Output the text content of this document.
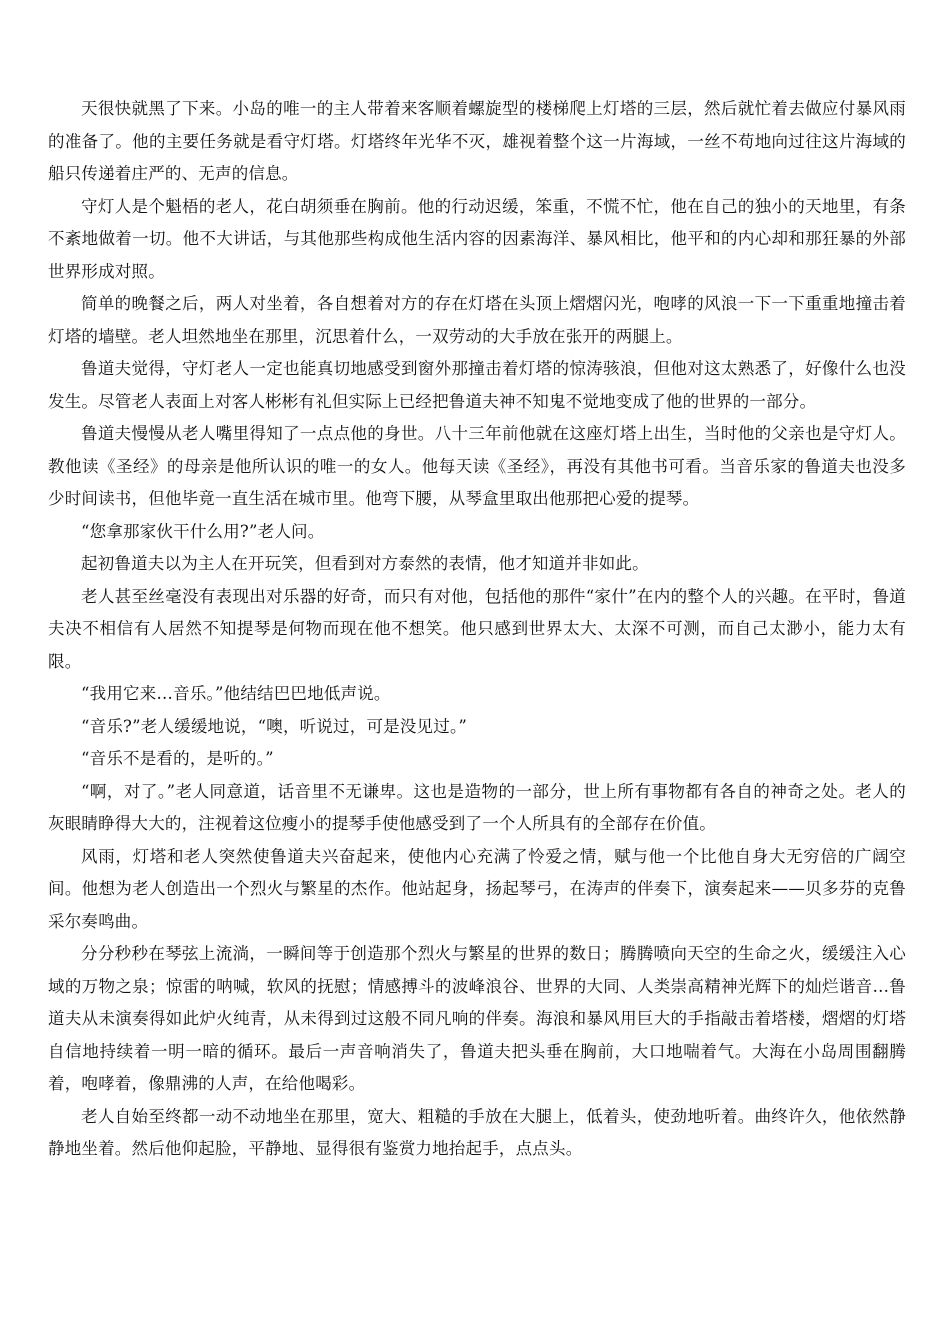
天很快就黑了下来。小岛的唯一的主人带着来客顺着螺旋型的楼梯爬上灯塔的三层，然后就忙着去做应付暴风雨的准备了。他的主要任务就是看守灯塔。灯塔终年光华不灭，雄视着整个这一片海域，一丝不苟地向过往这片海域的船只传递着庄严的、无声的信息。

守灯人是个魁梧的老人，花白胡须垂在胸前。他的行动迟缓，笨重，不慌不忙，他在自己的独小的天地里，有条不紊地做着一切。他不大讲话，与其他那些构成他生活内容的因素海洋、暴风相比，他平和的内心却和那狂暴的外部世界形成对照。

简单的晚餐之后，两人对坐着，各自想着对方的存在灯塔在头顶上熠熠闪光，咆哮的风浪一下一下重重地撞击着灯塔的墙壁。老人坦然地坐在那里，沉思着什么，一双劳动的大手放在张开的两腿上。

鲁道夫觉得，守灯老人一定也能真切地感受到窗外那撞击着灯塔的惊涛骇浪，但他对这太熟悉了，好像什么也没发生。尽管老人表面上对客人彬彬有礼但实际上已经把鲁道夫神不知鬼不觉地变成了他的世界的一部分。

鲁道夫慢慢从老人嘴里得知了一点点他的身世。八十三年前他就在这座灯塔上出生，当时他的父亲也是守灯人。教他读《圣经》的母亲是他所认识的唯一的女人。他每天读《圣经》，再没有其他书可看。当音乐家的鲁道夫也没多少时间读书，但他毕竟一直生活在城市里。他弯下腰，从琴盒里取出他那把心爱的提琴。

“您拿那家伙干什么用?”老人问。

起初鲁道夫以为主人在开玩笑，但看到对方泰然的表情，他才知道并非如此。

老人甚至丝毫没有表现出对乐器的好奇，而只有对他，包括他的那件“家什”在内的整个人的兴趣。在平时，鲁道夫决不相信有人居然不知提琴是何物而现在他不想笑。他只感到世界太大、太深不可测，而自己太渺小，能力太有限。

“我用它来…音乐。”他结结巴巴地低声说。

“音乐?”老人缓缓地说，“噢，听说过，可是没见过。”

“音乐不是看的，是听的。”

“啊，对了。”老人同意道，话音里不无谦卑。这也是造物的一部分，世上所有事物都有各自的神奇之处。老人的灰眼睛睁得大大的，注视着这位瘦小的提琴手使他感受到了一个人所具有的全部存在价值。

风雨，灯塔和老人突然使鲁道夫兴奋起来，使他内心充满了怜爱之情，赋与他一个比他自身大无穷倍的广阔空间。他想为老人创造出一个烈火与繁星的杰作。他站起身，扬起琴弓，在涛声的伴奏下，演奏起来——贝多芬的克鲁采尔奏鸣曲。

分分秒秒在琴弦上流淌，一瞬间等于创造那个烈火与繁星的世界的数日；腾腾喷向天空的生命之火，缓缓注入心域的万物之泉；惊雷的呐喊，软风的抚慰；情感搏斗的波峰浪谷、世界的大同、人类崇高精神光辉下的灿烂谐音…鲁道夫从未演奏得如此炉火纯青，从未得到过这般不同凡响的伴奏。海浪和暴风用巨大的手指敲击着塔楼，熠熠的灯塔自信地持续着一明一暗的循环。最后一声音响消失了，鲁道夫把头垂在胸前，大口地喘着气。大海在小岛周围翻腾着，咆哮着，像鼎沸的人声，在给他喝彩。

老人自始至终都一动不动地坐在那里，宽大、粗糙的手放在大腿上，低着头，使劲地听着。曲终许久，他依然静静地坐着。然后他仰起脸，平静地、显得很有鉴赏力地抬起手，点点头。
